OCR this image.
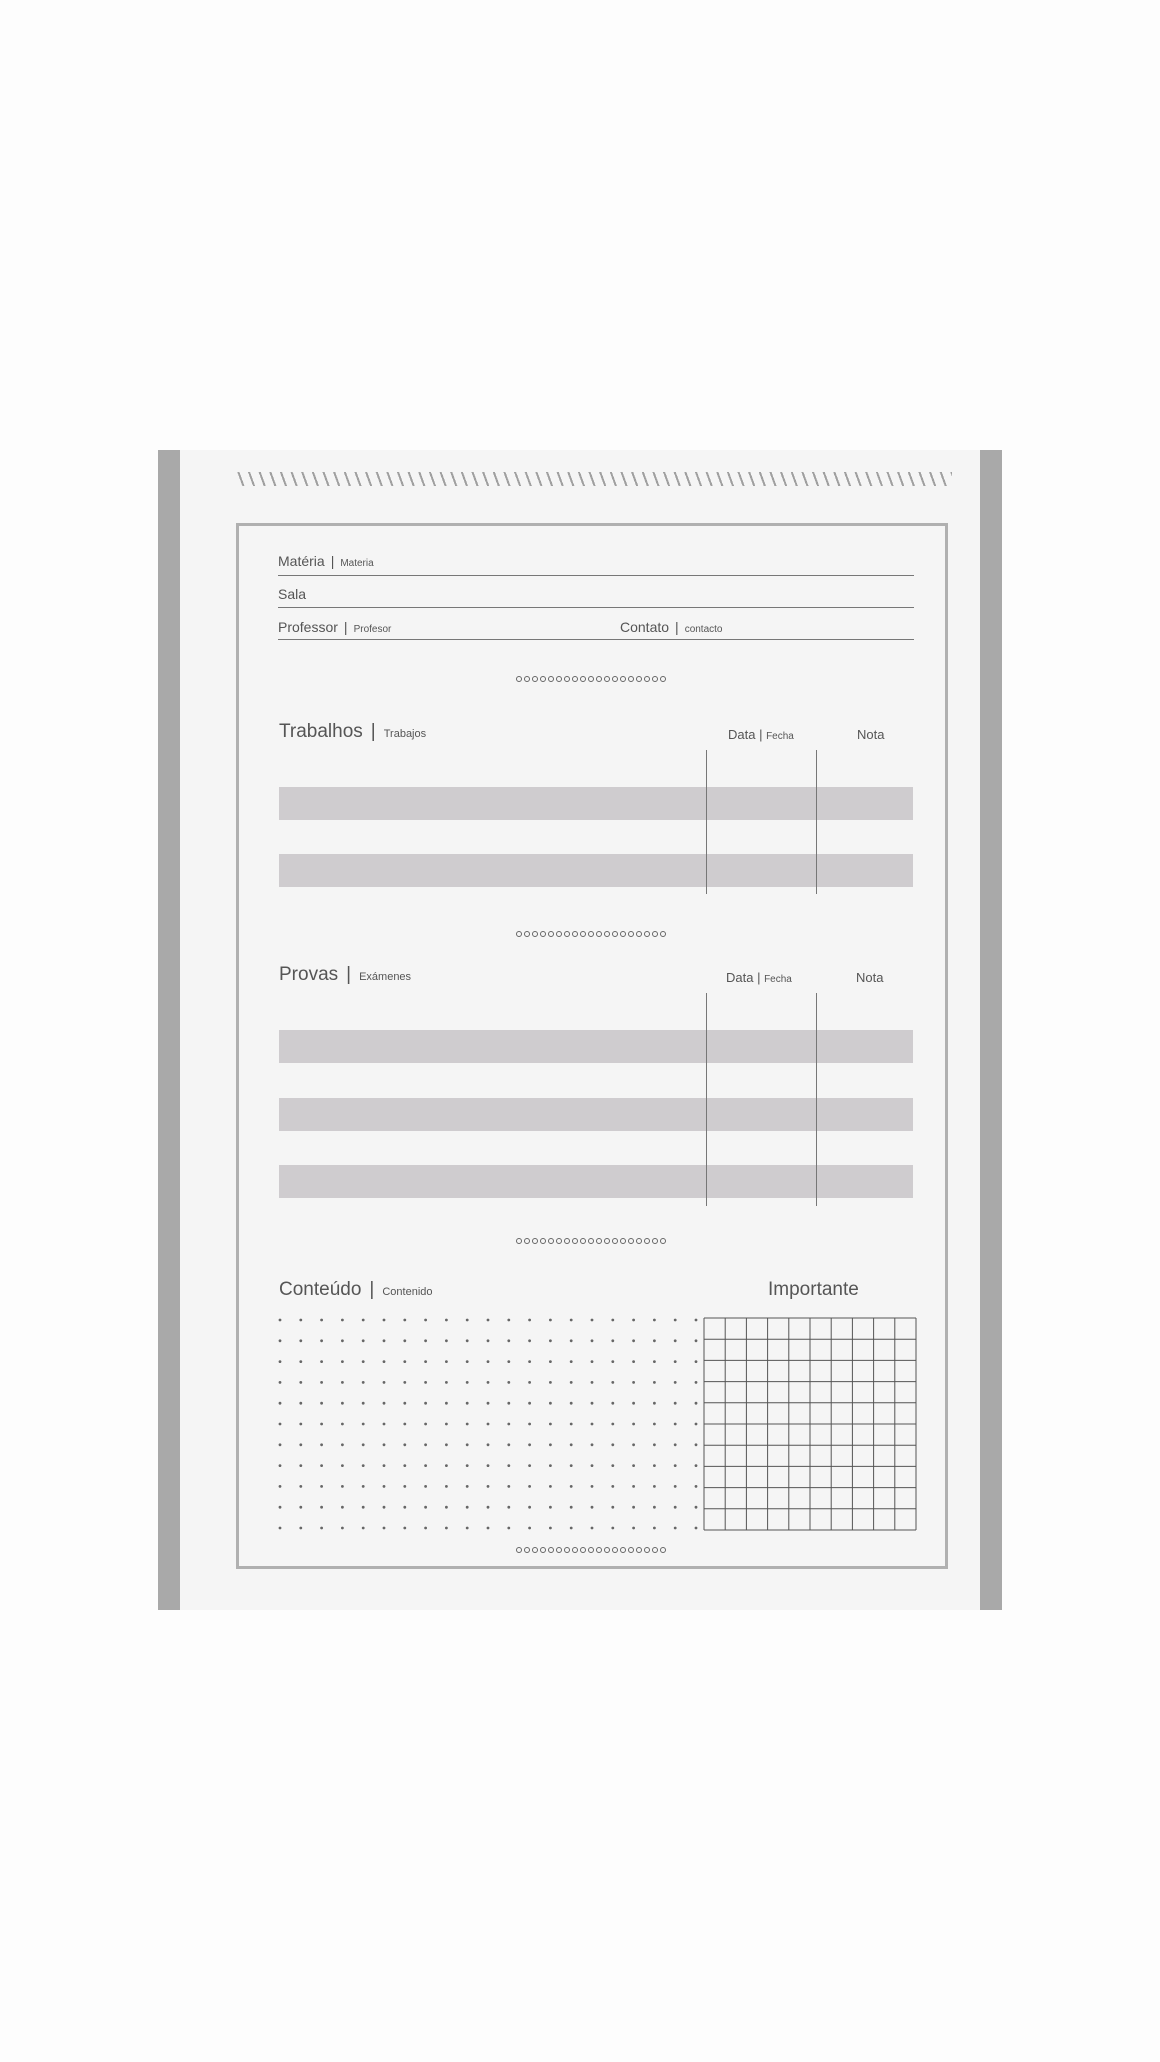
Matéria | Materia
Sala
Professor | Profesor	Contato | contacto
Trabalhos | Trabajos	Data | Fecha	Nota
Provas | Exámenes	Data | Fecha	Nota
Conteúdo | Contenido	Importante
